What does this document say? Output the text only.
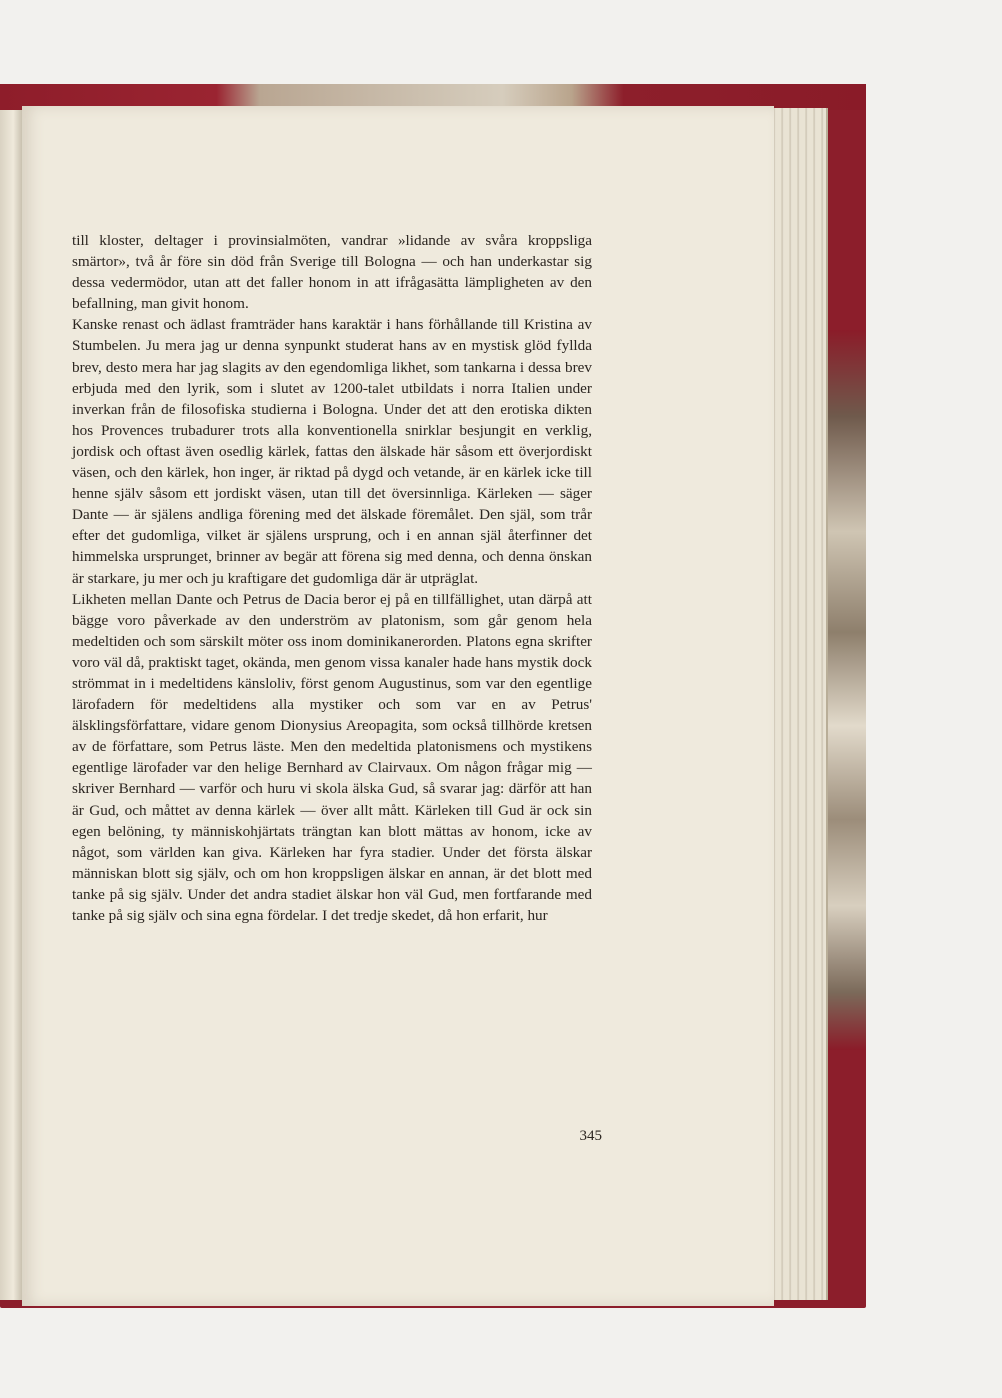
till kloster, deltager i provinsialmöten, vandrar »lidande av svåra kroppsliga smärtor», två år före sin död från Sverige till Bologna — och han underkastar sig dessa vedermödor, utan att det faller honom in att ifrågasätta lämpligheten av den befallning, man givit honom.

Kanske renast och ädlast framträder hans karaktär i hans förhållande till Kristina av Stumbelen. Ju mera jag ur denna synpunkt studerat hans av en mystisk glöd fyllda brev, desto mera har jag slagits av den egendomliga likhet, som tankarna i dessa brev erbjuda med den lyrik, som i slutet av 1200-talet utbildats i norra Italien under inverkan från de filosofiska studierna i Bologna. Under det att den erotiska dikten hos Provences trubadurer trots alla konventionella snirklar besjungit en verklig, jordisk och oftast även osedlig kärlek, fattas den älskade här såsom ett överjordiskt väsen, och den kärlek, hon inger, är riktad på dygd och vetande, är en kärlek icke till henne själv såsom ett jordiskt väsen, utan till det översinnliga. Kärleken — säger Dante — är själens andliga förening med det älskade föremålet. Den själ, som trår efter det gudomliga, vilket är själens ursprung, och i en annan själ återfinner det himmelska ursprunget, brinner av begär att förena sig med denna, och denna önskan är starkare, ju mer och ju kraftigare det gudomliga där är utpräglat.

Likheten mellan Dante och Petrus de Dacia beror ej på en tillfällighet, utan därpå att bägge voro påverkade av den underström av platonism, som går genom hela medeltiden och som särskilt möter oss inom dominikanerorden. Platons egna skrifter voro väl då, praktiskt taget, okända, men genom vissa kanaler hade hans mystik dock strömmat in i medeltidens känsloliv, först genom Augustinus, som var den egentlige lärofadern för medeltidens alla mystiker och som var en av Petrus' älsklingsförfattare, vidare genom Dionysius Areopagita, som också tillhörde kretsen av de författare, som Petrus läste. Men den medeltida platonismens och mystikens egentlige lärofader var den helige Bernhard av Clairvaux. Om någon frågar mig — skriver Bernhard — varför och huru vi skola älska Gud, så svarar jag: därför att han är Gud, och måttet av denna kärlek — över allt mått. Kärleken till Gud är ock sin egen belöning, ty människohjärtats trängtan kan blott mättas av honom, icke av något, som världen kan giva. Kärleken har fyra stadier. Under det första älskar människan blott sig själv, och om hon kroppsligen älskar en annan, är det blott med tanke på sig själv. Under det andra stadiet älskar hon väl Gud, men fortfarande med tanke på sig själv och sina egna fördelar. I det tredje skedet, då hon erfarit, hur

345
